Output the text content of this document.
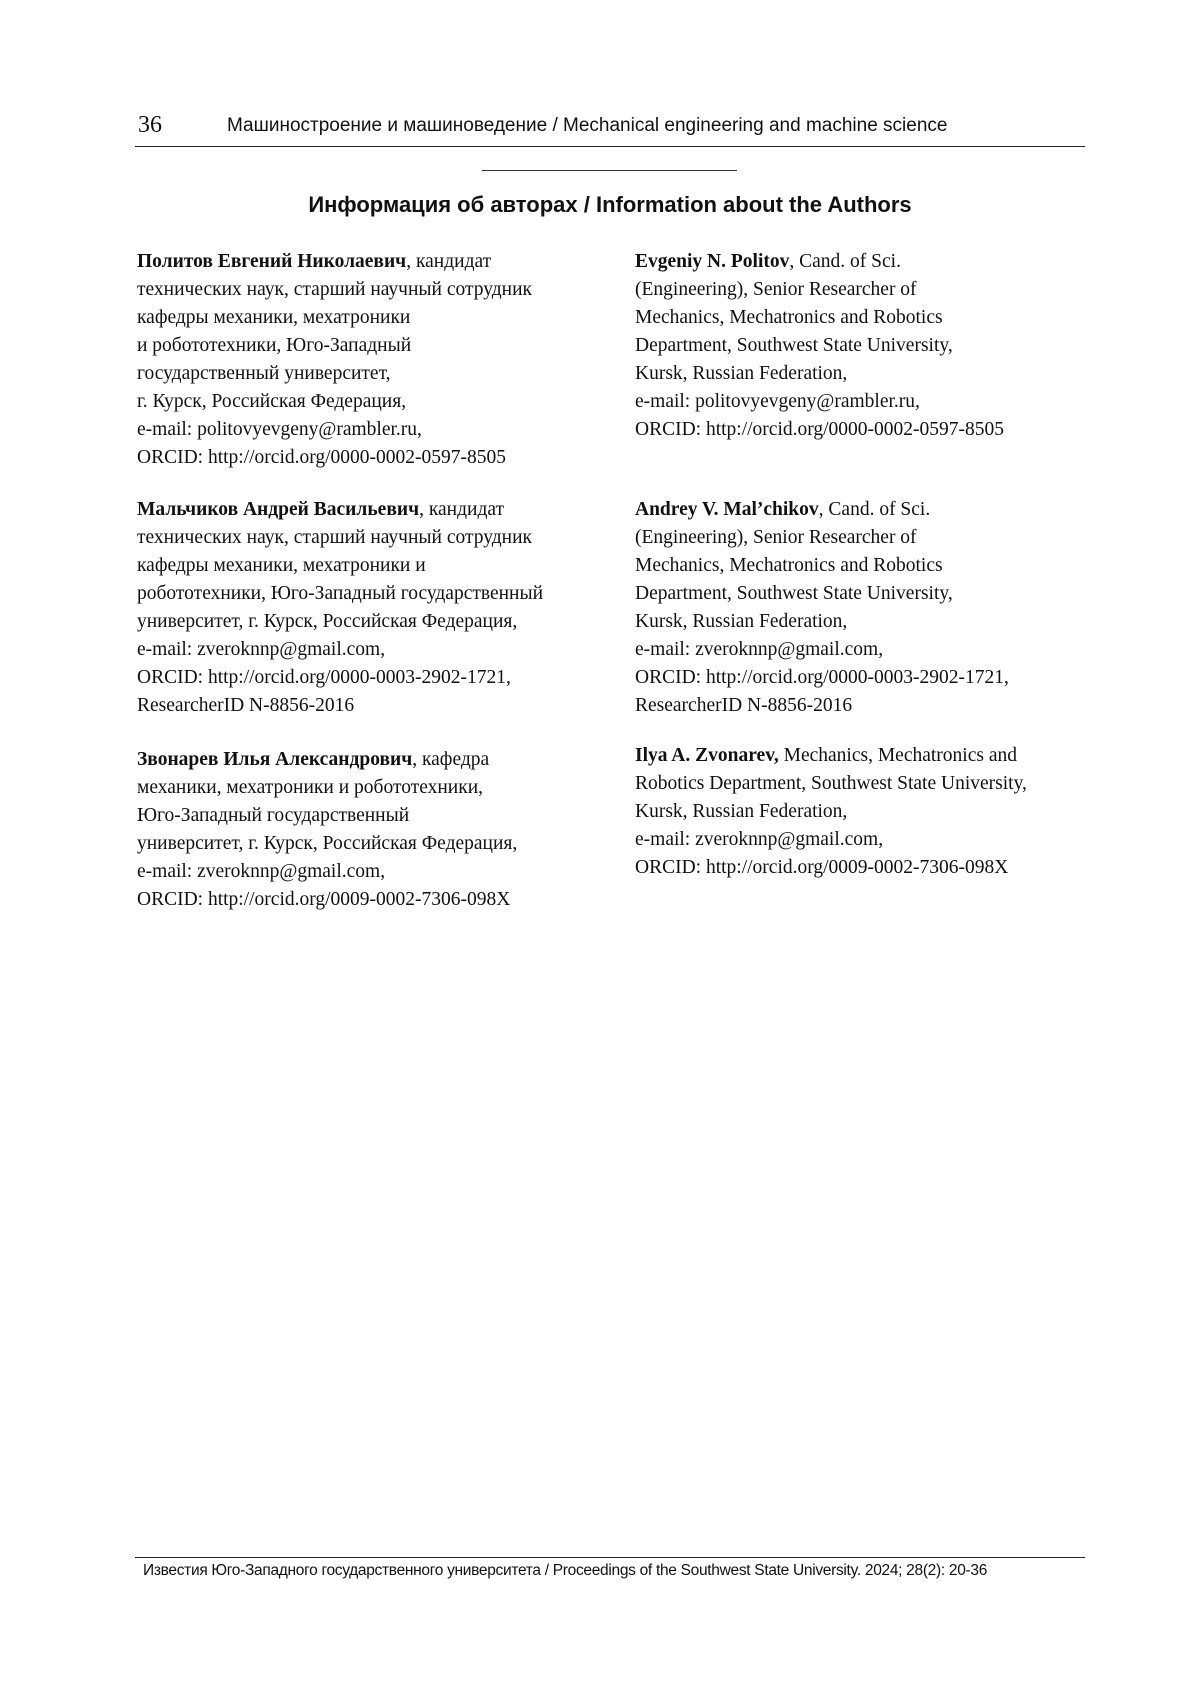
36	Машиностроение и машиноведение / Mechanical engineering and machine science
Информация об авторах / Information about the Authors

Политов Евгений Николаевич, кандидат

технических наук, старший научный сотрудник

кафедры механики, мехатроники

и робототехники, Юго-Западный

государственный университет,

г. Курск, Российская Федерация,

e-mail: politovyevgeny@rambler.ru,

ORCID: http://orcid.org/0000-0002-0597-8505

Мальчиков Андрей Васильевич, кандидат

технических наук, старший научный сотрудник

кафедры механики, мехатроники и

робототехники, Юго-Западный государственный

университет, г. Курск, Российская Федерация,

e-mail: zveroknnp@gmail.com,

ORCID: http://orcid.org/0000-0003-2902-1721,

ResearcherID N-8856-2016

Звонарев Илья Александрович, кафедра

механики, мехатроники и робототехники,

Юго-Западный государственный

университет, г. Курск, Российская Федерация,

e-mail: zveroknnp@gmail.com,

ORCID: http://orcid.org/0009-0002-7306-098X

Evgeniy N. Politov, Cand. of Sci.

(Engineering), Senior Researcher of

Mechanics, Mechatronics and Robotics

Department, Southwest State University,

Kursk, Russian Federation,

e-mail: politovyevgeny@rambler.ru,

ORCID: http://orcid.org/0000-0002-0597-8505

Andrey V. Mal’chikov, Cand. of Sci.

(Engineering), Senior Researcher of

Mechanics, Mechatronics and Robotics

Department, Southwest State University,

Kursk, Russian Federation,

e-mail: zveroknnp@gmail.com,

ORCID: http://orcid.org/0000-0003-2902-1721,

ResearcherID N-8856-2016

Ilya A. Zvonarev, Mechanics, Mechatronics and

Robotics Department, Southwest State University,

Kursk, Russian Federation,

e-mail: zveroknnp@gmail.com,

ORCID: http://orcid.org/0009-0002-7306-098X

Известия Юго-Западного государственного университета / Proceedings of the Southwest State University. 2024; 28(2): 20-36
